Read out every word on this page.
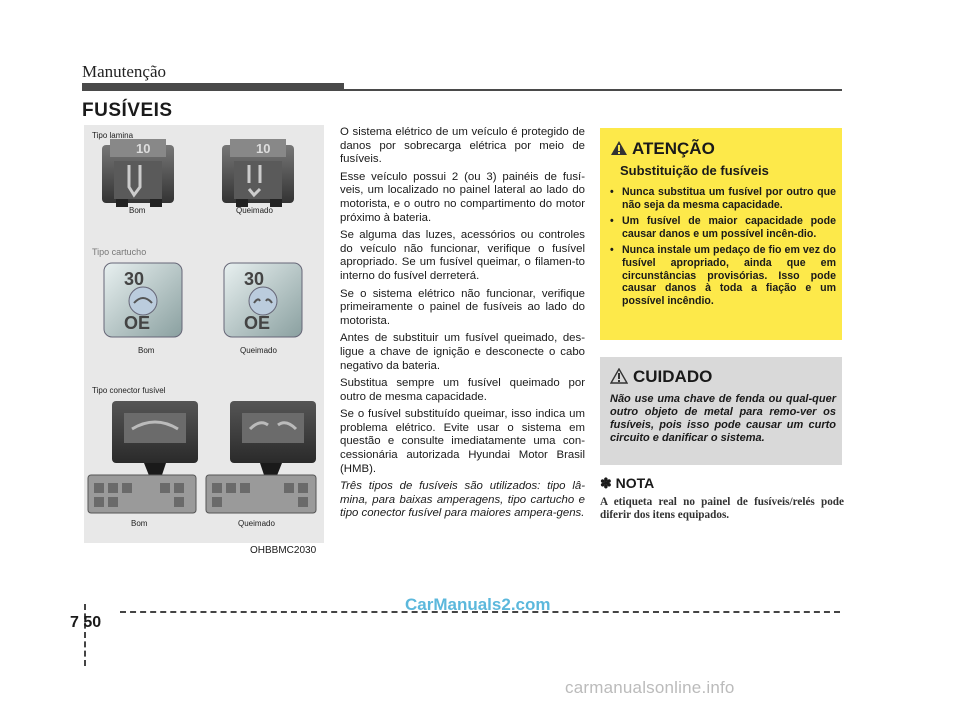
Manutenção
FUSÍVEIS
10	10
30
OE
30
OE
Tipo lamina
Bom	Queimado
Tipo cartucho
Bom	Queimado
Tipo conector fusível
Bom	Queimado
OHBBMC2030

O sistema elétrico de um veículo é protegido de danos por sobrecarga elétrica por meio de fusíveis.

Esse veículo possui 2 (ou 3) painéis de fusí-veis, um localizado no painel lateral ao lado do motorista, e o outro no compartimento do motor próximo à bateria.

Se alguma das luzes, acessórios ou controles do veículo não funcionar, verifique o fusível apropriado. Se um fusível queimar, o filamen-to interno do fusível derreterá.

Se o sistema elétrico não funcionar, verifique primeiramente o painel de fusíveis ao lado do motorista.

Antes de substituir um fusível queimado, des-ligue a chave de ignição e desconecte o cabo negativo da bateria.

Substitua sempre um fusível queimado por outro de mesma capacidade.

Se o fusível substituído queimar, isso indica um problema elétrico. Evite usar o sistema em questão e consulte imediatamente uma con-cessionária autorizada Hyundai Motor Brasil (HMB).

Três tipos de fusíveis são utilizados: tipo lâ-mina, para baixas amperagens, tipo cartucho e tipo conector fusível para maiores ampera-gens.

ATENÇÃO
Substituição de fusíveis
• Nunca substitua um fusível por outro que não seja da mesma capacidade.
• Um fusível de maior capacidade pode causar danos e um possível incên-dio.
• Nunca instale um pedaço de fio em vez do fusível apropriado, ainda que em circunstâncias provisórias. Isso pode causar danos à toda a fiação e um possível incêndio.
CUIDADO
Não use uma chave de fenda ou qual-quer outro objeto de metal para remo-ver os fusíveis, pois isso pode causar um curto circuito e danificar o sistema.
✽ NOTA
A etiqueta real no painel de fusíveis/relés pode diferir dos itens equipados.
7 50
CarManuals2.com
carmanualsonline.info
